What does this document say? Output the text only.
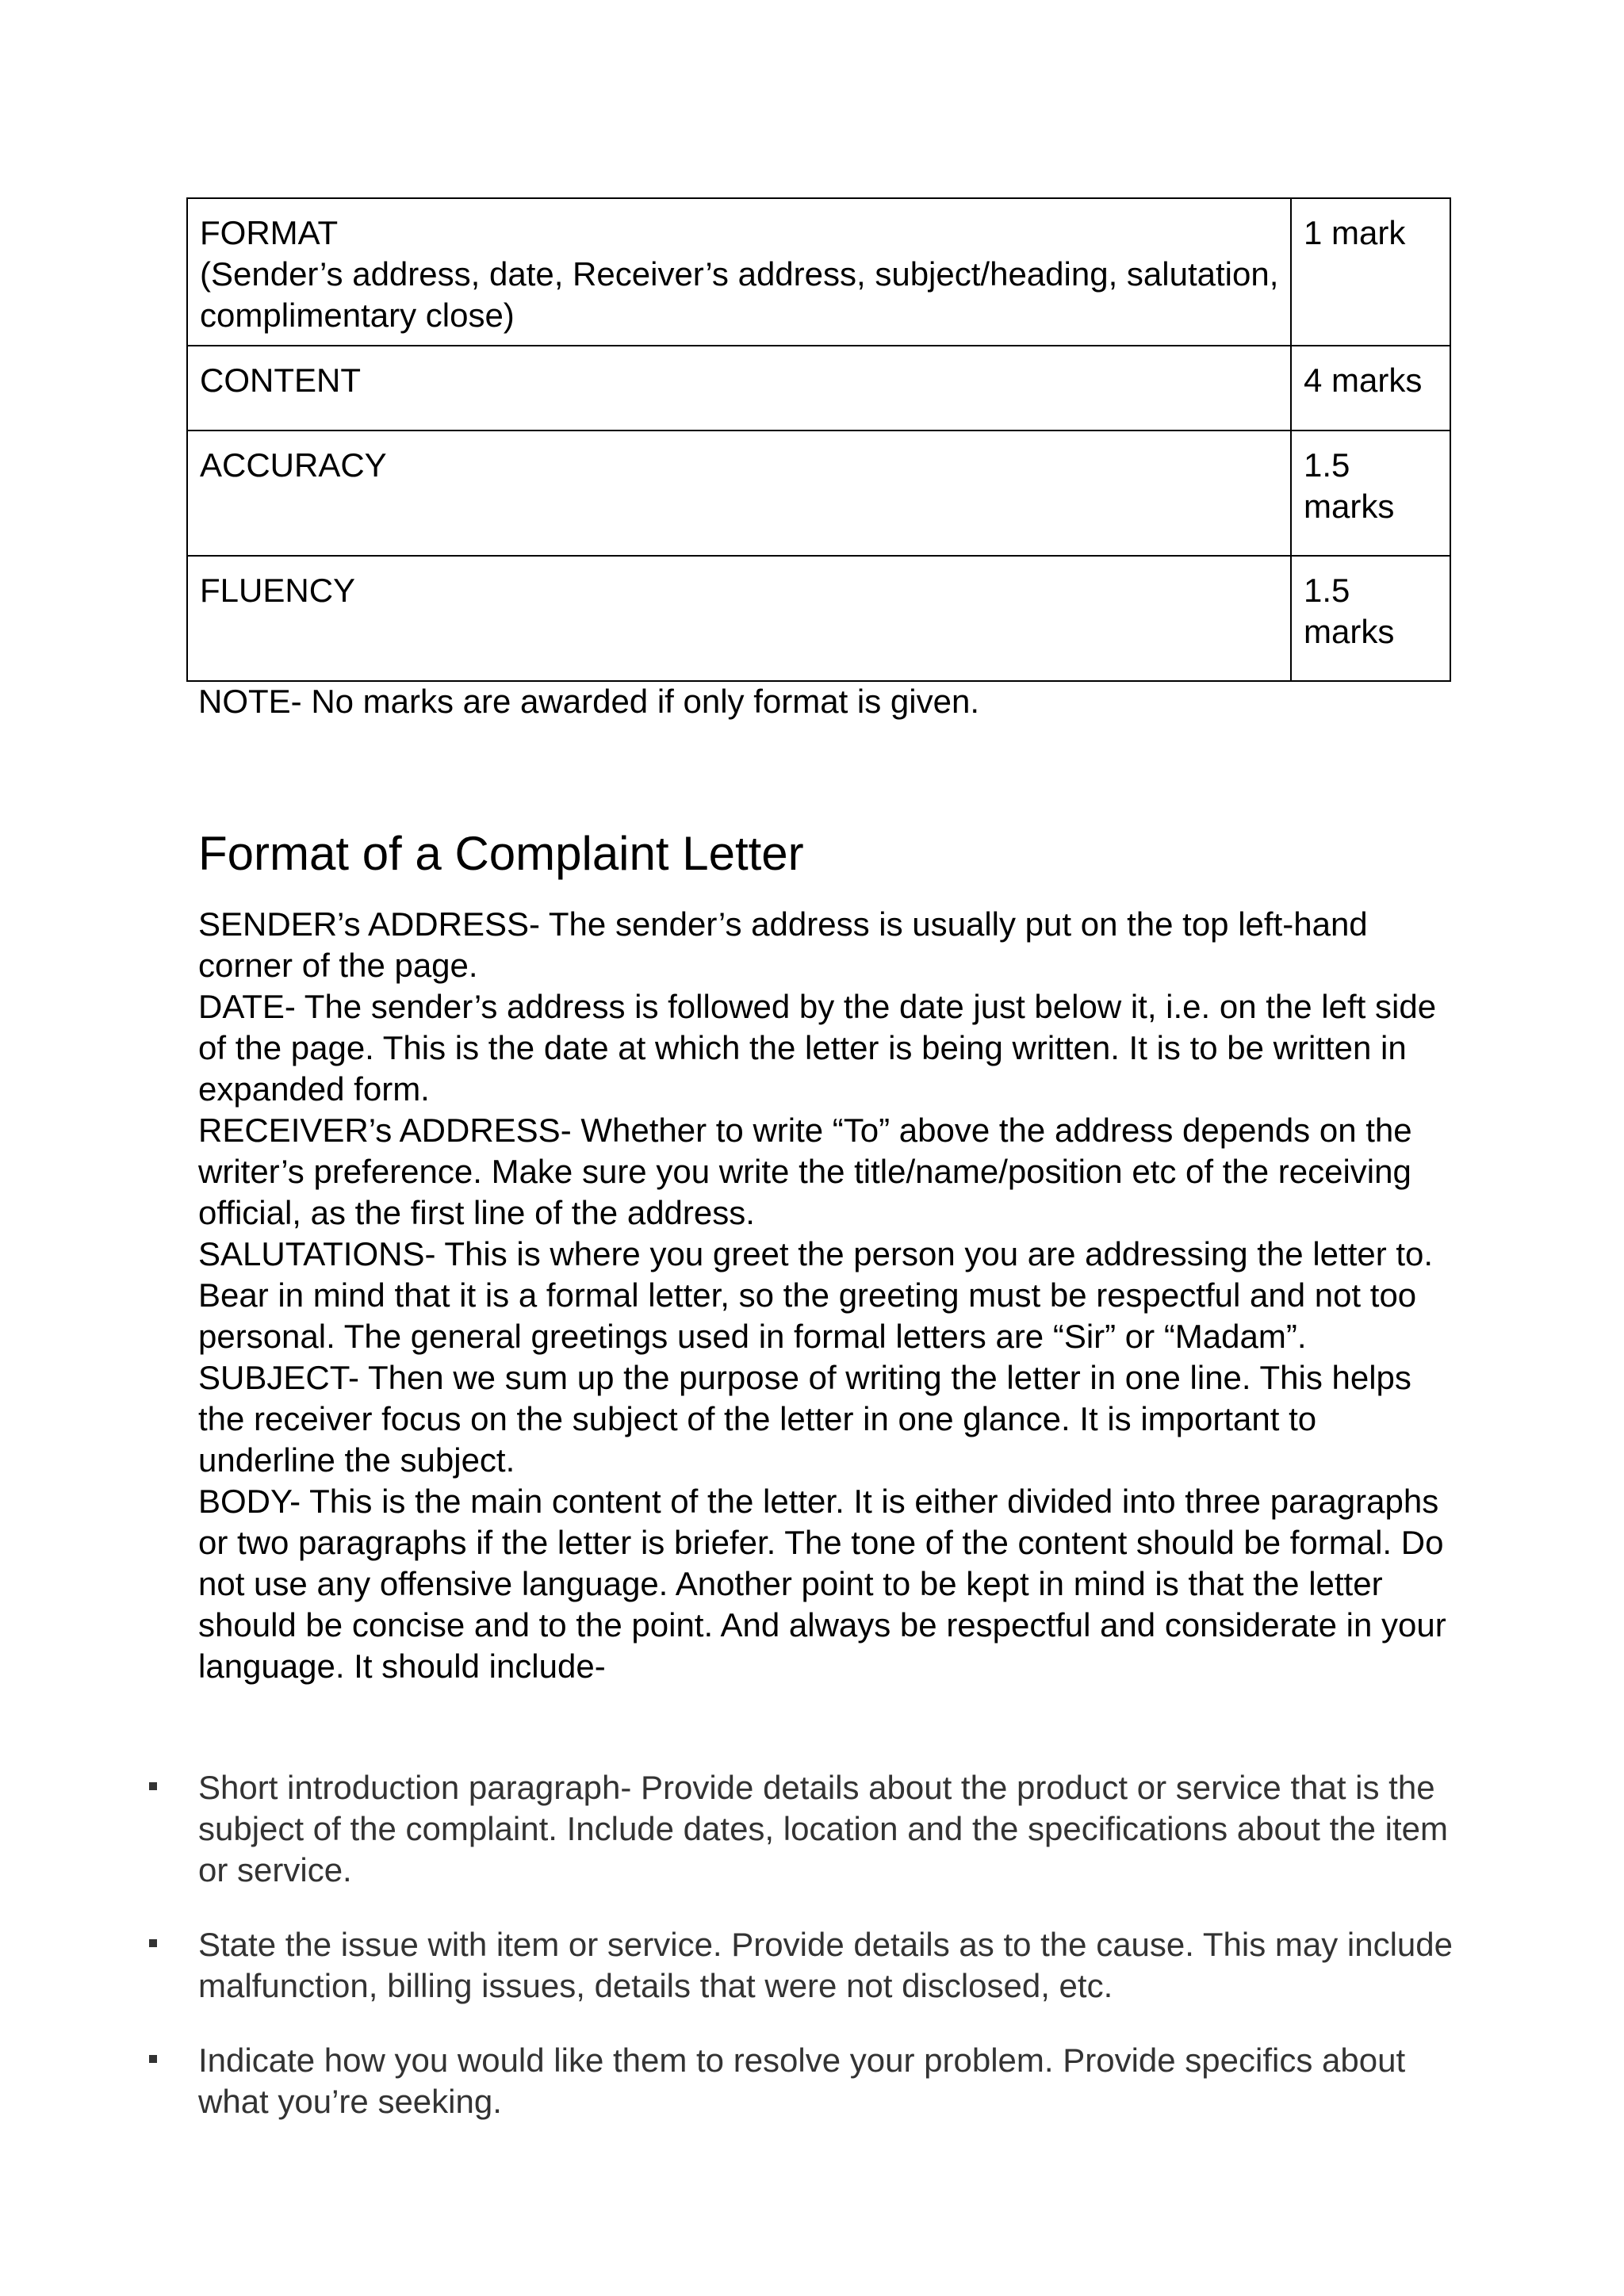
FORMAT
(Sender’s address, date, Receiver’s address, subject/heading, salutation, complimentary close)	1 mark
CONTENT	4 marks
ACCURACY	1.5 marks
FLUENCY	1.5 marks
NOTE- No marks are awarded if only format is given.
Format of a Complaint Letter

SENDER’s ADDRESS- The sender’s address is usually put on the top left-hand corner of the page.

DATE- The sender’s address is followed by the date just below it, i.e. on the left side of the page. This is the date at which the letter is being written. It is to be written in expanded form.

RECEIVER’s ADDRESS- Whether to write “To” above the address depends on the writer’s preference. Make sure you write the title/name/position etc of the receiving official, as the first line of the address.

SALUTATIONS- This is where you greet the person you are addressing the letter to. Bear in mind that it is a formal letter, so the greeting must be respectful and not too personal. The general greetings used in formal letters are “Sir” or “Madam”.

SUBJECT- Then we sum up the purpose of writing the letter in one line. This helps the receiver focus on the subject of the letter in one glance. It is important to underline the subject.

BODY- This is the main content of the letter. It is either divided into three paragraphs or two paragraphs if the letter is briefer. The tone of the content should be formal. Do not use any offensive language. Another point to be kept in mind is that the letter should be concise and to the point. And always be respectful and considerate in your language. It should include-

Short introduction paragraph- Provide details about the product or service that is the subject of the complaint. Include dates, location and the specifications about the item or service.
State the issue with item or service. Provide details as to the cause. This may include malfunction, billing issues, details that were not disclosed, etc.
Indicate how you would like them to resolve your problem. Provide specifics about what you’re seeking.
